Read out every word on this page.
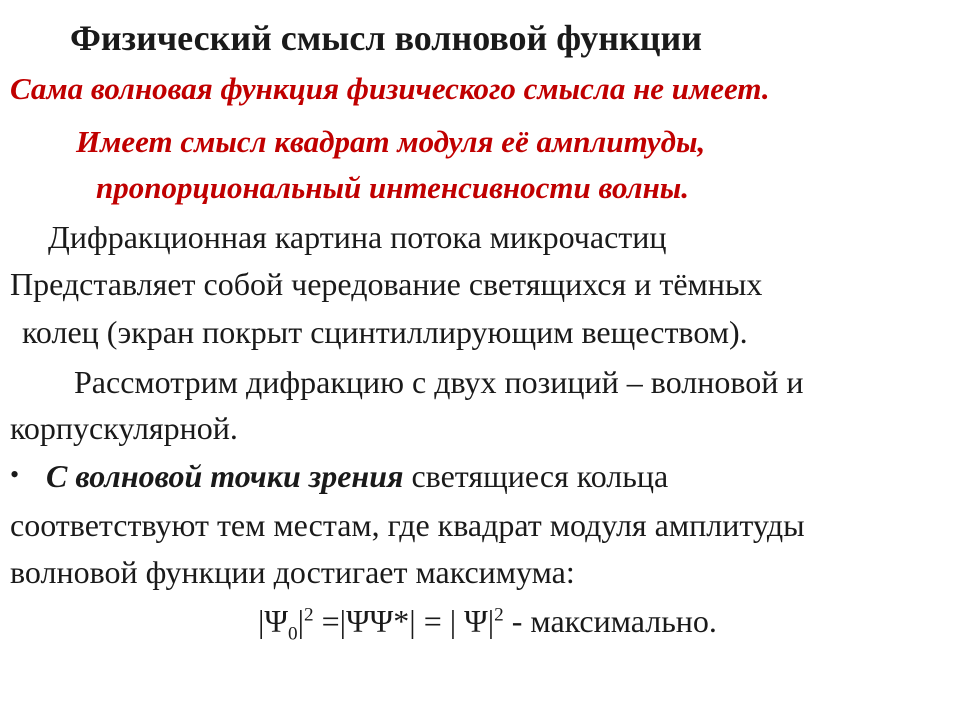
Физический смысл волновой функции
Сама волновая функция физического смысла не имеет.
Имеет смысл квадрат модуля её амплитуды,
пропорциональный интенсивности волны.
Дифракционная картина потока микрочастиц
Представляет собой чередование светящихся и тёмных
колец (экран покрыт сцинтиллирующим веществом).
Рассмотрим дифракцию с двух позиций – волновой и
корпускулярной.
• С волновой точки зрения светящиеся кольца
соответствуют тем местам, где квадрат модуля амплитуды
волновой функции достигает максимума:
$|\Psi_0|^2 =|\Psi\Psi*|$ = | $\Psi|^2$ - максимально.
